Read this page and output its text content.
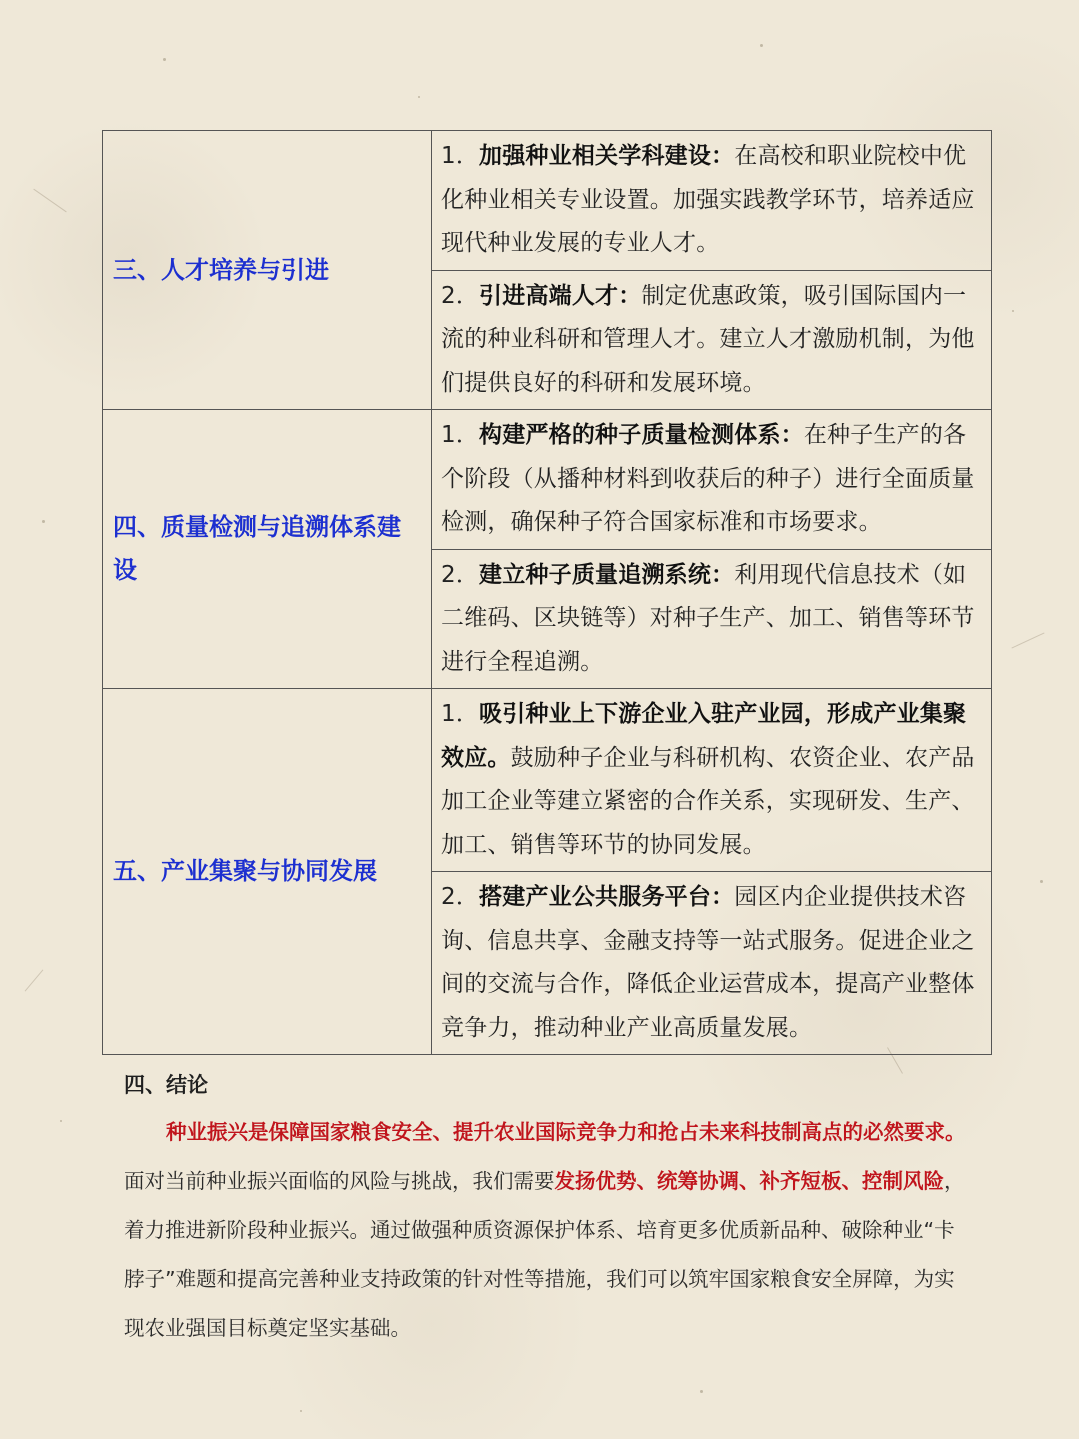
三、人才培养与引进	1．加强种业相关学科建设：在高校和职业院校中优化种业相关专业设置。加强实践教学环节，培养适应现代种业发展的专业人才。
	2．引进高端人才：制定优惠政策，吸引国际国内一流的种业科研和管理人才。建立人才激励机制，为他们提供良好的科研和发展环境。
四、质量检测与追溯体系建设	1．构建严格的种子质量检测体系：在种子生产的各个阶段（从播种材料到收获后的种子）进行全面质量检测，确保种子符合国家标准和市场要求。
	2．建立种子质量追溯系统：利用现代信息技术（如二维码、区块链等）对种子生产、加工、销售等环节进行全程追溯。
五、产业集聚与协同发展	1．吸引种业上下游企业入驻产业园，形成产业集聚效应。鼓励种子企业与科研机构、农资企业、农产品加工企业等建立紧密的合作关系，实现研发、生产、加工、销售等环节的协同发展。
	2．搭建产业公共服务平台：园区内企业提供技术咨询、信息共享、金融支持等一站式服务。促进企业之间的交流与合作，降低企业运营成本，提高产业整体竞争力，推动种业产业高质量发展。
四、结论

种业振兴是保障国家粮食安全、提升农业国际竞争力和抢占未来科技制高点的必然要求。面对当前种业振兴面临的风险与挑战，我们需要发扬优势、统筹协调、补齐短板、控制风险，着力推进新阶段种业振兴。通过做强种质资源保护体系、培育更多优质新品种、破除种业“卡脖子”难题和提高完善种业支持政策的针对性等措施，我们可以筑牢国家粮食安全屏障，为实现农业强国目标奠定坚实基础。
